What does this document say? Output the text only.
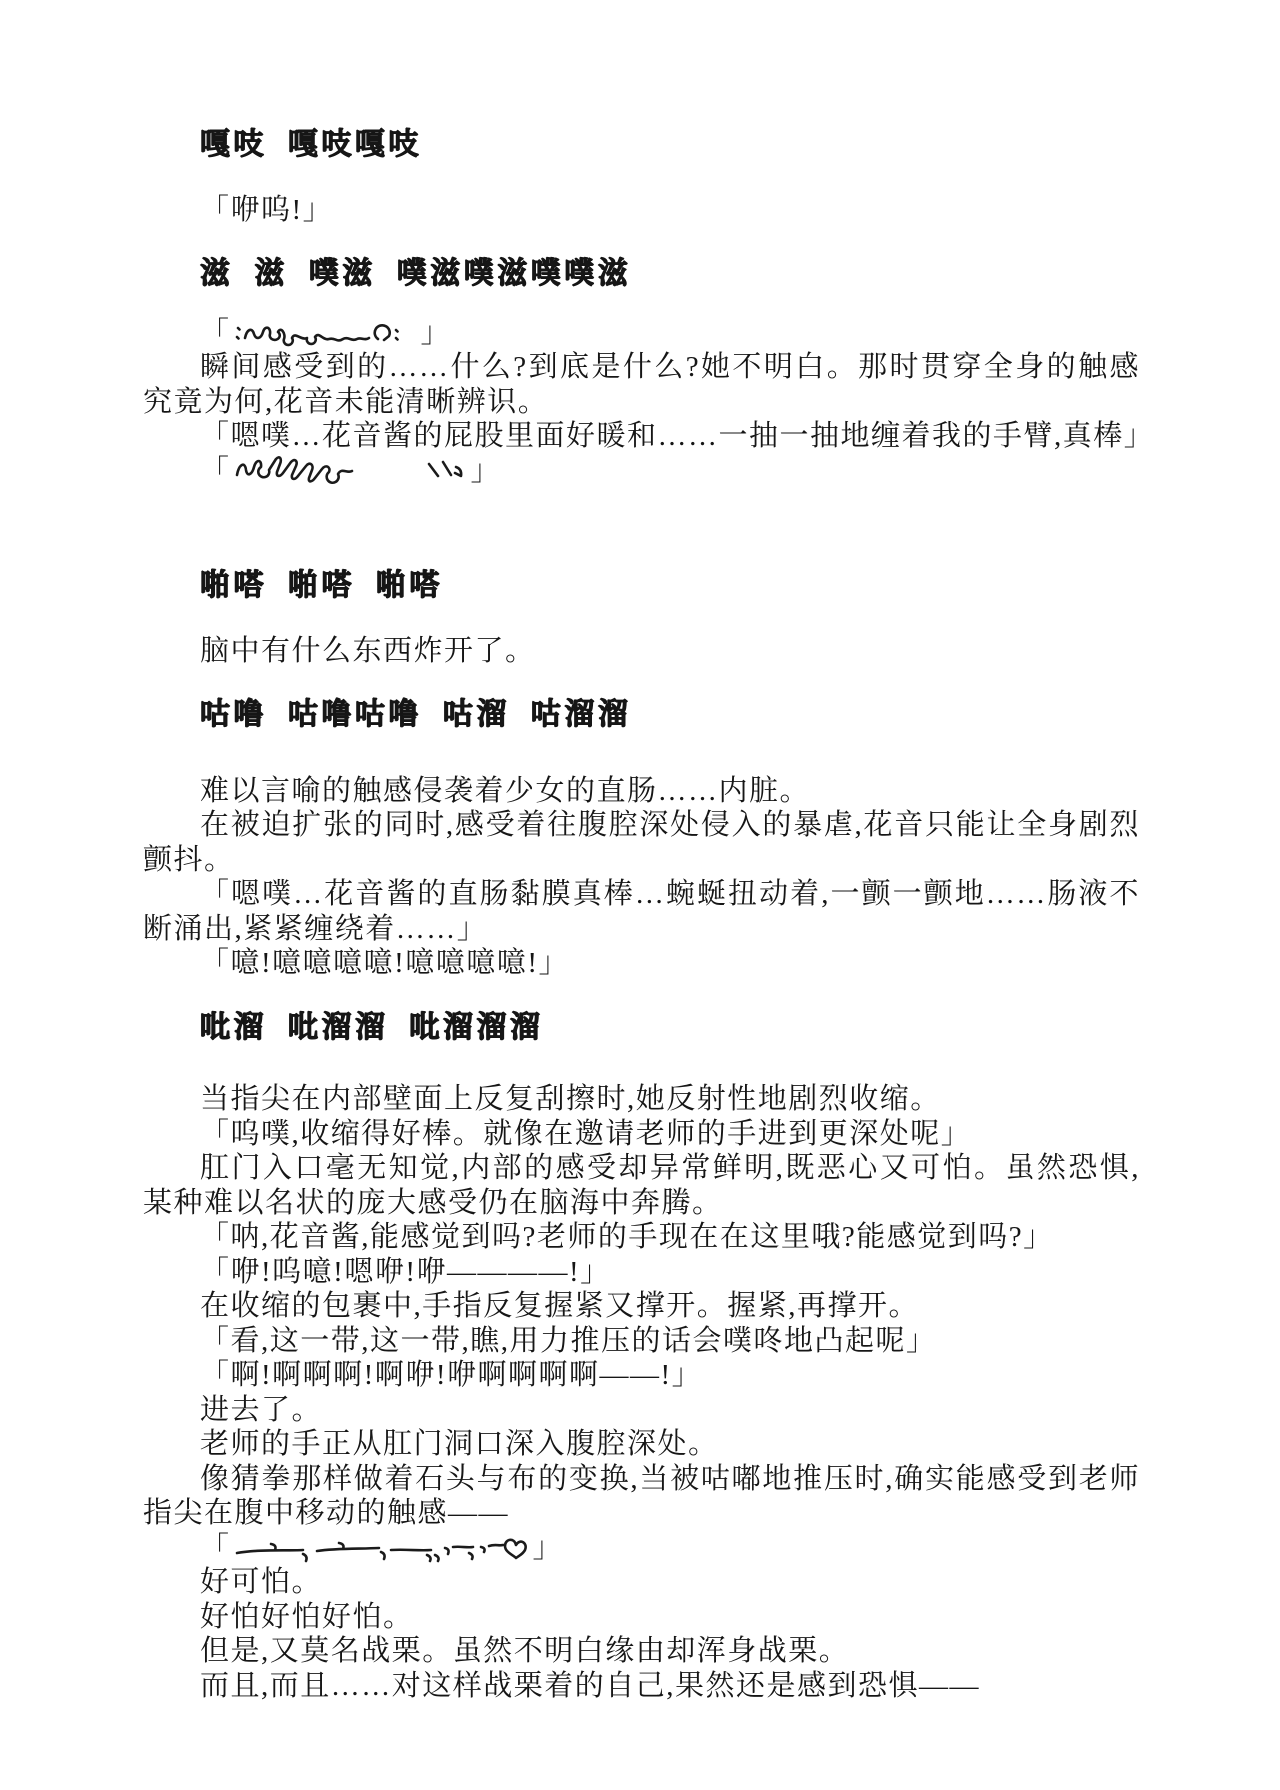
嘎吱 嘎吱嘎吱
「咿呜!」
滋 滋 噗滋 噗滋噗滋噗噗滋
「	」
瞬间感受到的……什么?到底是什么?她不明白。那时贯穿全身的触感究竟为何,花音未能清晰辨识。
「嗯噗…花音酱的屁股里面好暖和……一抽一抽地缠着我的手臂,真棒」
「	」
啪嗒 啪嗒 啪嗒
脑中有什么东西炸开了。
咕噜 咕噜咕噜 咕溜 咕溜溜
难以言喻的触感侵袭着少女的直肠……内脏。
在被迫扩张的同时,感受着往腹腔深处侵入的暴虐,花音只能让全身剧烈颤抖。
「嗯噗…花音酱的直肠黏膜真棒…蜿蜒扭动着,一颤一颤地……肠液不断涌出,紧紧缠绕着……」
「噫!噫噫噫噫!噫噫噫噫!」
吡溜 吡溜溜 吡溜溜溜
当指尖在内部壁面上反复刮擦时,她反射性地剧烈收缩。
「呜噗,收缩得好棒。就像在邀请老师的手进到更深处呢」
肛门入口毫无知觉,内部的感受却异常鲜明,既恶心又可怕。虽然恐惧,某种难以名状的庞大感受仍在脑海中奔腾。
「呐,花音酱,能感觉到吗?老师的手现在在这里哦?能感觉到吗?」
「咿!呜噫!嗯咿!咿————!」
在收缩的包裹中,手指反复握紧又撑开。握紧,再撑开。
「看,这一带,这一带,瞧,用力推压的话会噗咚地凸起呢」
「啊!啊啊啊!啊咿!咿啊啊啊啊——!」
进去了。
老师的手正从肛门洞口深入腹腔深处。
像猜拳那样做着石头与布的变换,当被咕嘟地推压时,确实能感受到老师指尖在腹中移动的触感——
「	」
好可怕。
好怕好怕好怕。
但是,又莫名战栗。虽然不明白缘由却浑身战栗。
而且,而且……对这样战栗着的自己,果然还是感到恐惧——
